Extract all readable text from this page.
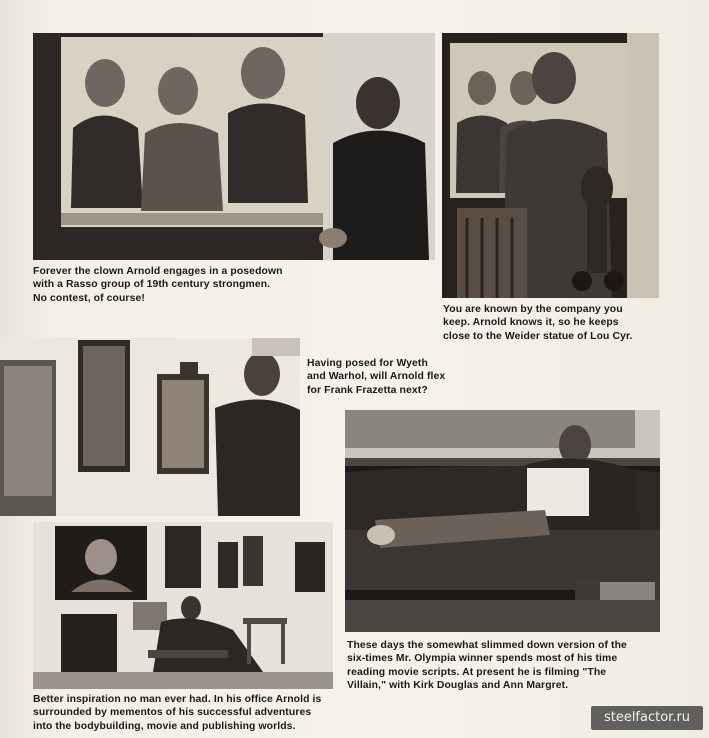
Forever the clown Arnold engages in a posedown
with a Rasso group of 19th century strongmen.
No contest, of course!

You are known by the company you
keep. Arnold knows it, so he keeps
close to the Weider statue of Lou Cyr.

Having posed for Wyeth
and Warhol, will Arnold flex
for Frank Frazetta next?

These days the somewhat slimmed down version of the
six-times Mr. Olympia winner spends most of his time
reading movie scripts. At present he is filming "The
Villain," with Kirk Douglas and Ann Margret.

Better inspiration no man ever had. In his office Arnold is
surrounded by mementos of his successful adventures
into the bodybuilding, movie and publishing worlds.

steelfactor.ru
